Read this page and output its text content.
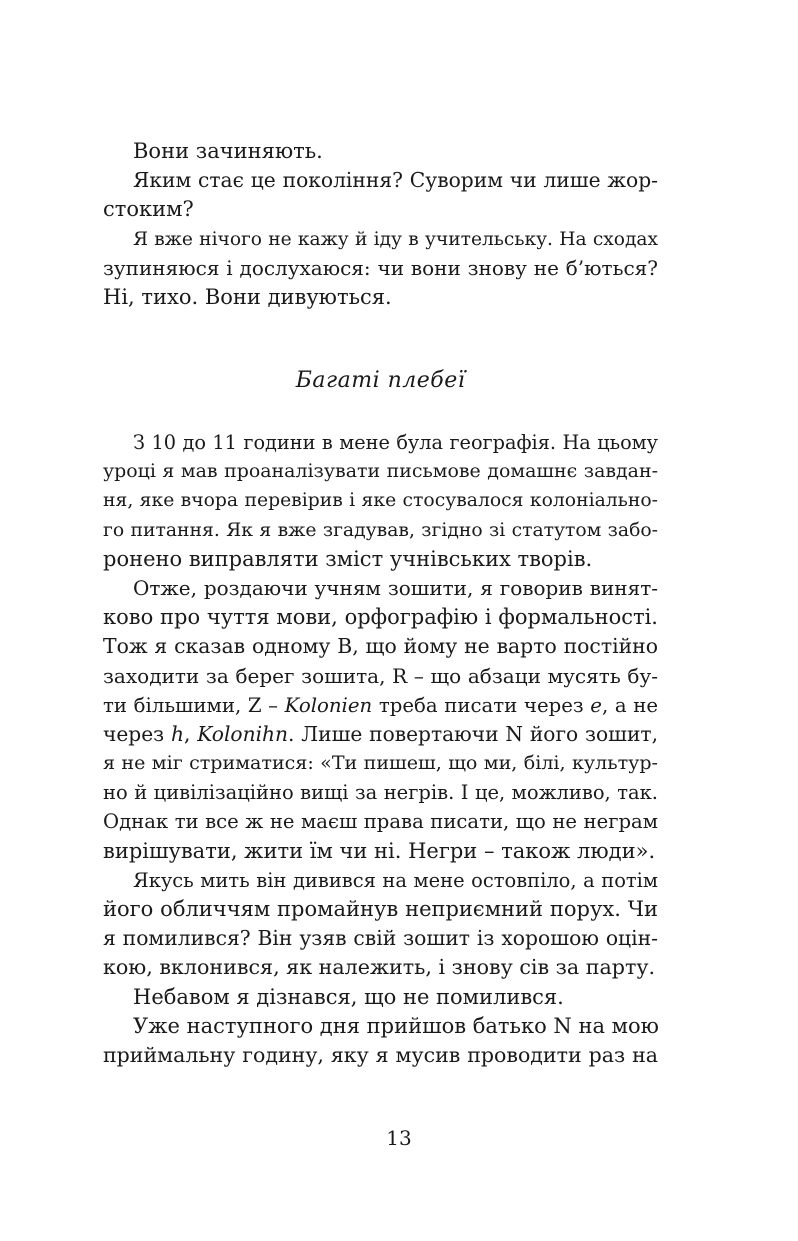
Вони зачиняють.
Яким стає це покоління? Суворим чи лише жор-
стоким?
Я вже нічого не кажу й іду в учительську. На сходах
зупиняюся і дослухаюся: чи вони знову не б’ються?
Ні, тихо. Вони дивуються.
Багаті плебеї
З 10 до 11 години в мене була географія. На цьому
уроці я мав проаналізувати письмове домашнє завдан-
ня, яке вчора перевірив і яке стосувалося колоніально-
го питання. Як я вже згадував, згідно зі статутом забо-
ронено виправляти зміст учнівських творів.
Отже, роздаючи учням зошити, я говорив винят-
ково про чуття мови, орфографію і формальності.
Тож я сказав одному B, що йому не варто постійно
заходити за берег зошита, R – що абзаци мусять бу-
ти більшими, Z – Kolonien треба писати через e, а не
через h, Kolonihn. Лише повертаючи N його зошит,
я не міг стриматися: «Ти пишеш, що ми, білі, культур-
но й цивілізаційно вищі за негрів. І це, можливо, так.
Однак ти все ж не маєш права писати, що не неграм
вирішувати, жити їм чи ні. Негри – також люди».
Якусь мить він дивився на мене остовпіло, а потім
його обличчям промайнув неприємний порух. Чи
я помилився? Він узяв свій зошит із хорошою оцін-
кою, вклонився, як належить, і знову сів за парту.
Небавом я дізнався, що не помилився.
Уже наступного дня прийшов батько N на мою
приймальну годину, яку я мусив проводити раз на
13
